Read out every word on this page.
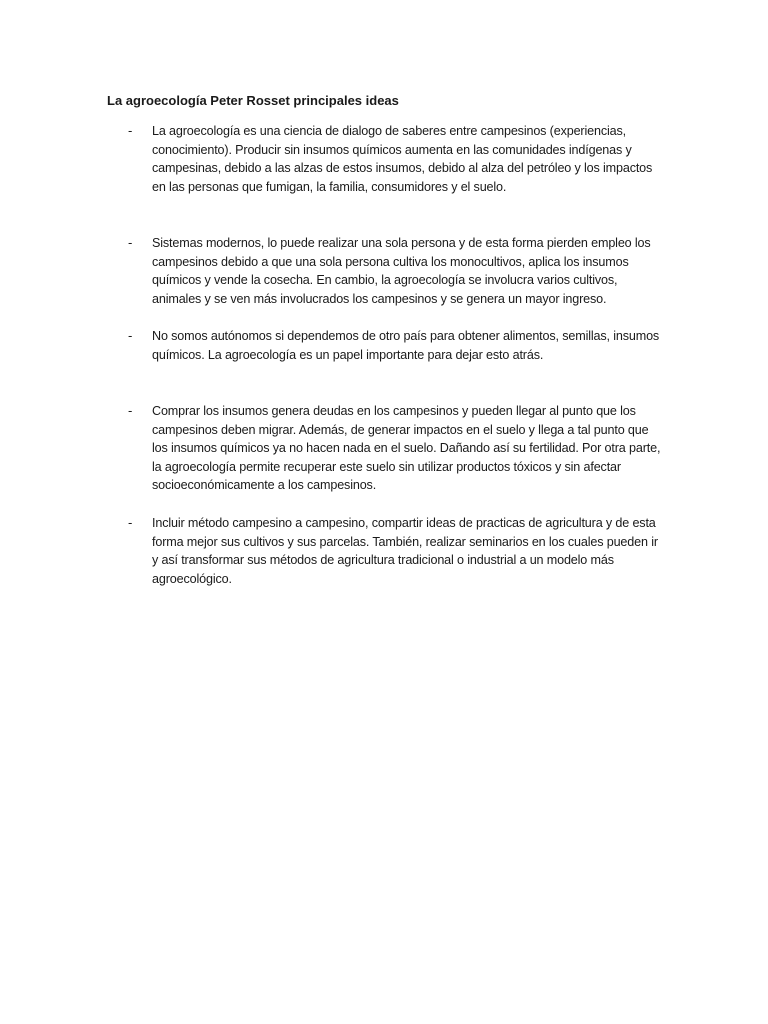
La agroecología Peter Rosset principales ideas
- La agroecología es una ciencia de dialogo de saberes entre campesinos (experiencias, conocimiento). Producir sin insumos químicos aumenta en las comunidades indígenas y campesinas, debido a las alzas de estos insumos, debido al alza del petróleo y los impactos en las personas que fumigan, la familia, consumidores y el suelo.
- Sistemas modernos, lo puede realizar una sola persona y de esta forma pierden empleo los campesinos debido a que una sola persona cultiva los monocultivos, aplica los insumos químicos y vende la cosecha. En cambio, la agroecología se involucra varios cultivos, animales y se ven más involucrados los campesinos y se genera un mayor ingreso.
- No somos autónomos si dependemos de otro país para obtener alimentos, semillas, insumos químicos. La agroecología es un papel importante para dejar esto atrás.
- Comprar los insumos genera deudas en los campesinos y pueden llegar al punto que los campesinos deben migrar. Además, de generar impactos en el suelo y llega a tal punto que los insumos químicos ya no hacen nada en el suelo. Dañando así su fertilidad. Por otra parte, la agroecología permite recuperar este suelo sin utilizar productos tóxicos y sin afectar socioeconómicamente a los campesinos.
- Incluir método campesino a campesino, compartir ideas de practicas de agricultura y de esta forma mejor sus cultivos y sus parcelas. También, realizar seminarios en los cuales pueden ir y así transformar sus métodos de agricultura tradicional o industrial a un modelo más agroecológico.
